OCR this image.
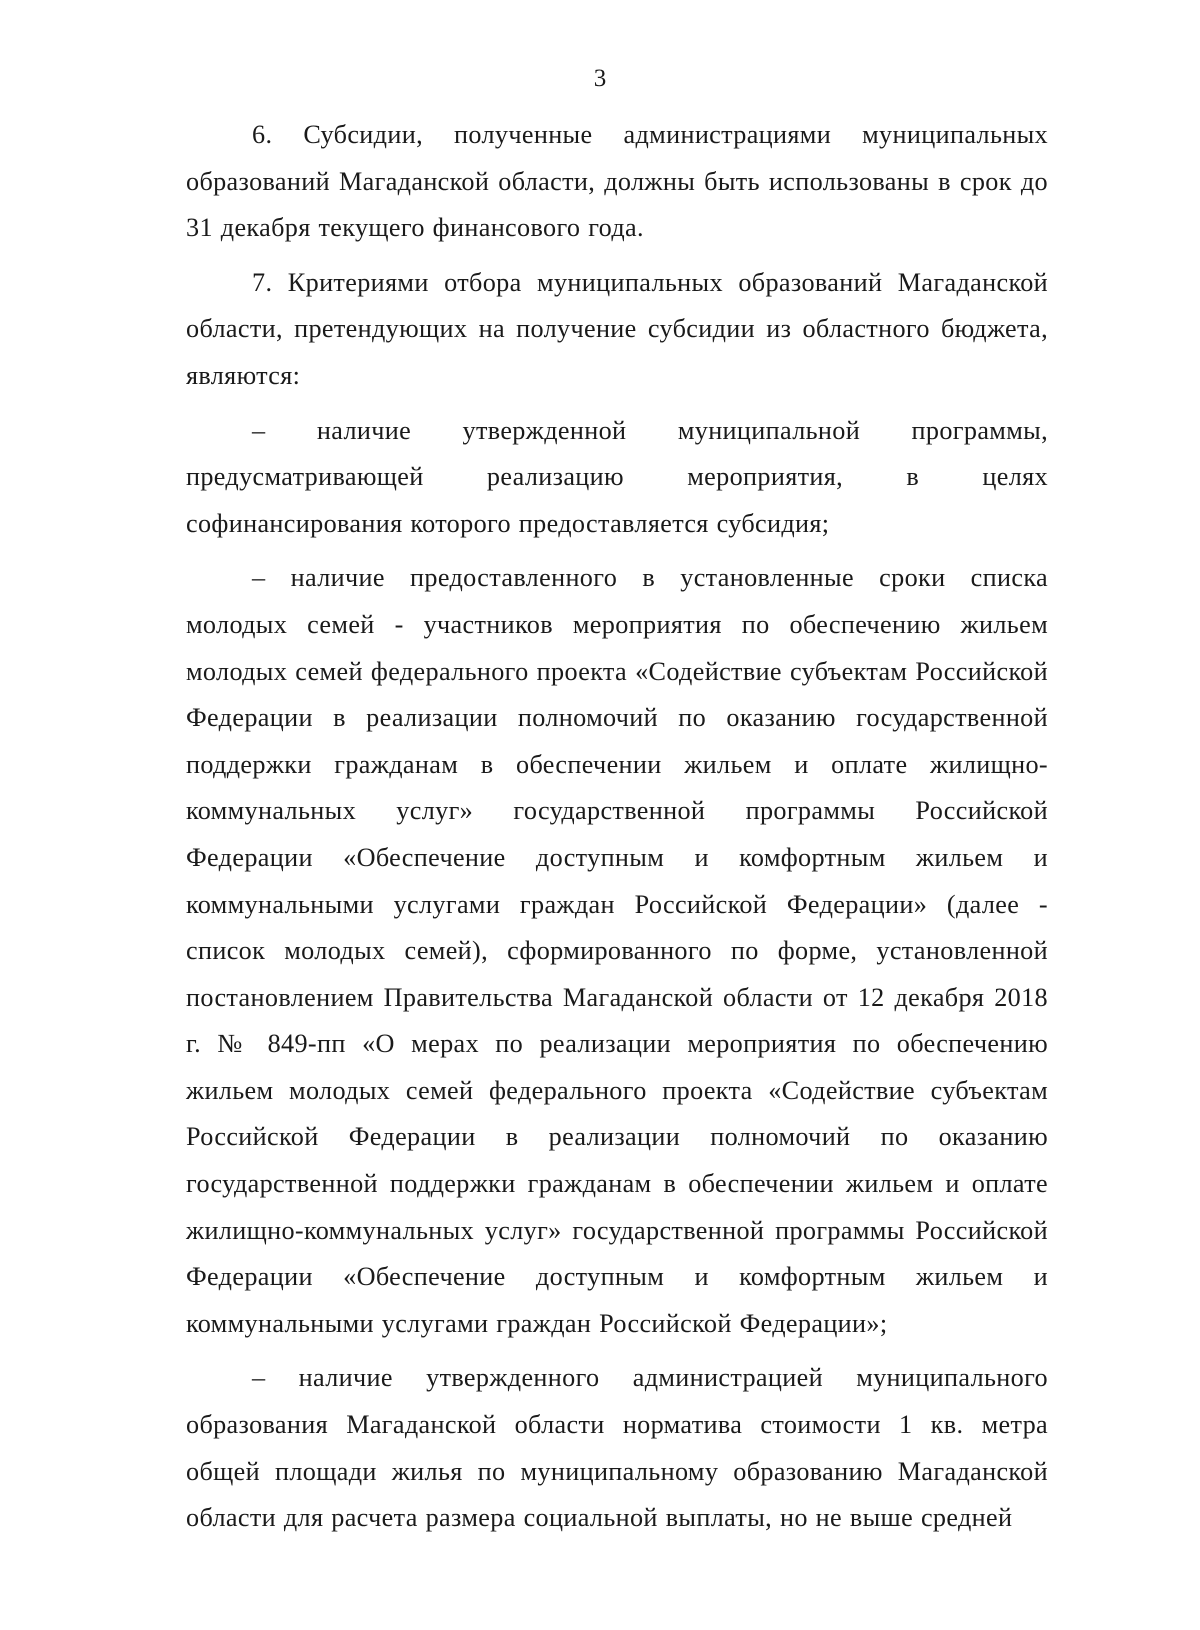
3

6. Субсидии, полученные администрациями муниципальных образований Магаданской области, должны быть использованы в срок до 31 декабря текущего финансового года.

7. Критериями отбора муниципальных образований Магаданской области, претендующих на получение субсидии из областного бюджета, являются:

– наличие утвержденной муниципальной программы, предусматривающей реализацию мероприятия, в целях софинансирования которого предоставляется субсидия;

– наличие предоставленного в установленные сроки списка молодых семей - участников мероприятия по обеспечению жильем молодых семей федерального проекта «Содействие субъектам Российской Федерации в реализации полномочий по оказанию государственной поддержки гражданам в обеспечении жильем и оплате жилищно-коммунальных услуг» государственной программы Российской Федерации «Обеспечение доступным и комфортным жильем и коммунальными услугами граждан Российской Федерации» (далее - список молодых семей), сформированного по форме, установленной постановлением Правительства Магаданской области от 12 декабря 2018 г. № 849-пп «О мерах по реализации мероприятия по обеспечению жильем молодых семей федерального проекта «Содействие субъектам Российской Федерации в реализации полномочий по оказанию государственной поддержки гражданам в обеспечении жильем и оплате жилищно-коммунальных услуг» государственной программы Российской Федерации «Обеспечение доступным и комфортным жильем и коммунальными услугами граждан Российской Федерации»;

– наличие утвержденного администрацией муниципального образования Магаданской области норматива стоимости 1 кв. метра общей площади жилья по муниципальному образованию Магаданской области для расчета размера социальной выплаты, но не выше средней
